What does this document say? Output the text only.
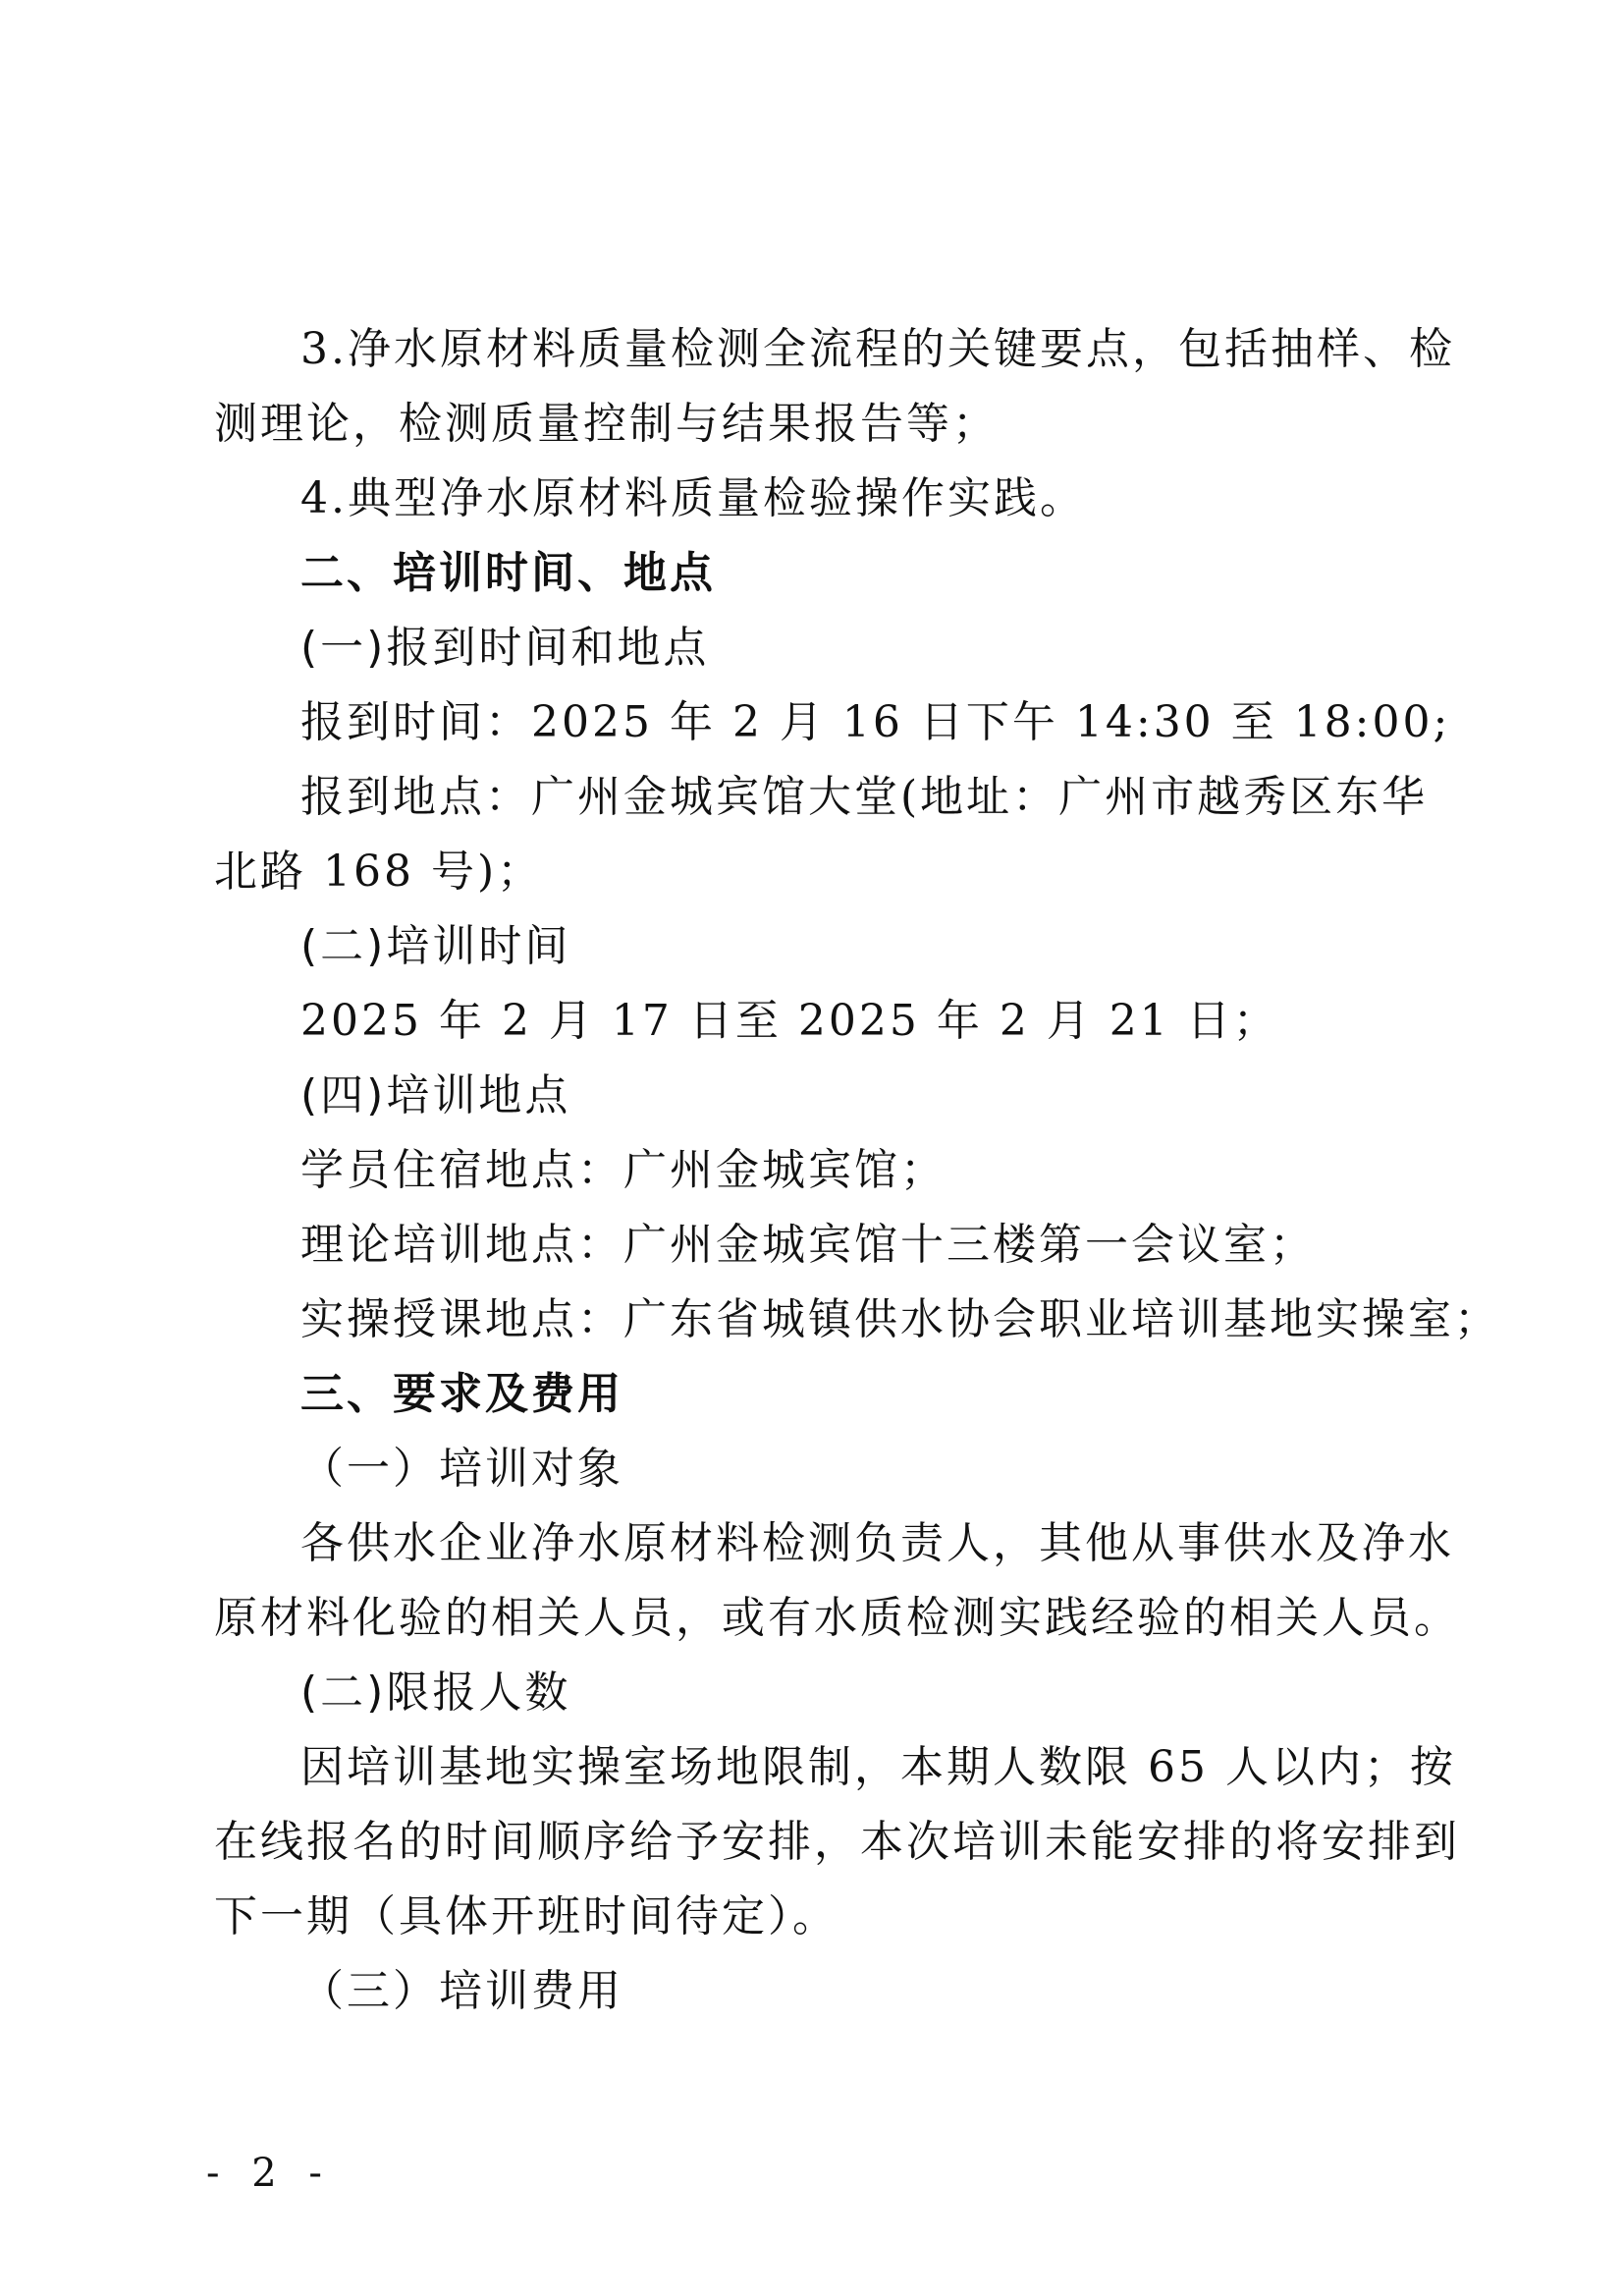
3.净水原材料质量检测全流程的关键要点，包括抽样、检

测理论，检测质量控制与结果报告等；

4.典型净水原材料质量检验操作实践。

二、培训时间、地点

(一)报到时间和地点

报到时间：2025 年 2 月 16 日下午 14:30 至 18:00;

报到地点：广州金城宾馆大堂(地址：广州市越秀区东华

北路 168 号)；

(二)培训时间

2025 年 2 月 17 日至 2025 年 2 月 21 日；

(四)培训地点

学员住宿地点：广州金城宾馆；

理论培训地点：广州金城宾馆十三楼第一会议室；

实操授课地点：广东省城镇供水协会职业培训基地实操室；

三、要求及费用

（一）培训对象

各供水企业净水原材料检测负责人，其他从事供水及净水

原材料化验的相关人员，或有水质检测实践经验的相关人员。

(二)限报人数

因培训基地实操室场地限制，本期人数限 65 人以内；按

在线报名的时间顺序给予安排，本次培训未能安排的将安排到

下一期（具体开班时间待定）。

（三）培训费用

- 2 -
